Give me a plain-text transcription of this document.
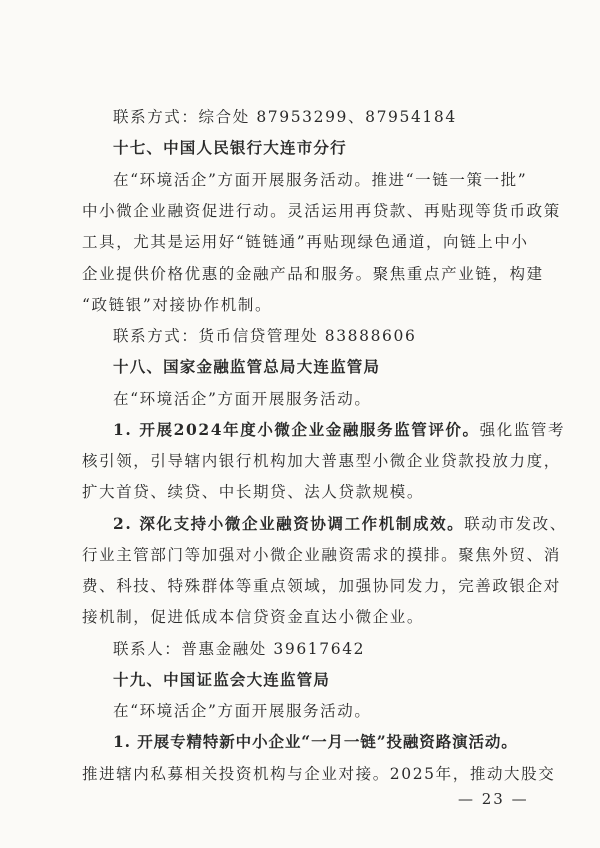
联系方式：综合处 87953299、87954184
十七、中国人民银行大连市分行
在“环境活企”方面开展服务活动。推进“一链一策一批”
中小微企业融资促进行动。灵活运用再贷款、再贴现等货币政策
工具，尤其是运用好“链链通”再贴现绿色通道，向链上中小
企业提供价格优惠的金融产品和服务。聚焦重点产业链，构建
“政链银”对接协作机制。
联系方式：货币信贷管理处 83888606
十八、国家金融监管总局大连监管局
在“环境活企”方面开展服务活动。
1. 开展2024年度小微企业金融服务监管评价。强化监管考
核引领，引导辖内银行机构加大普惠型小微企业贷款投放力度，
扩大首贷、续贷、中长期贷、法人贷款规模。
2. 深化支持小微企业融资协调工作机制成效。联动市发改、
行业主管部门等加强对小微企业融资需求的摸排。聚焦外贸、消
费、科技、特殊群体等重点领域，加强协同发力，完善政银企对
接机制，促进低成本信贷资金直达小微企业。
联系人：普惠金融处 39617642
十九、中国证监会大连监管局
在“环境活企”方面开展服务活动。
1. 开展专精特新中小企业“一月一链”投融资路演活动。
推进辖内私募相关投资机构与企业对接。2025年，推动大股交
— 23 —
